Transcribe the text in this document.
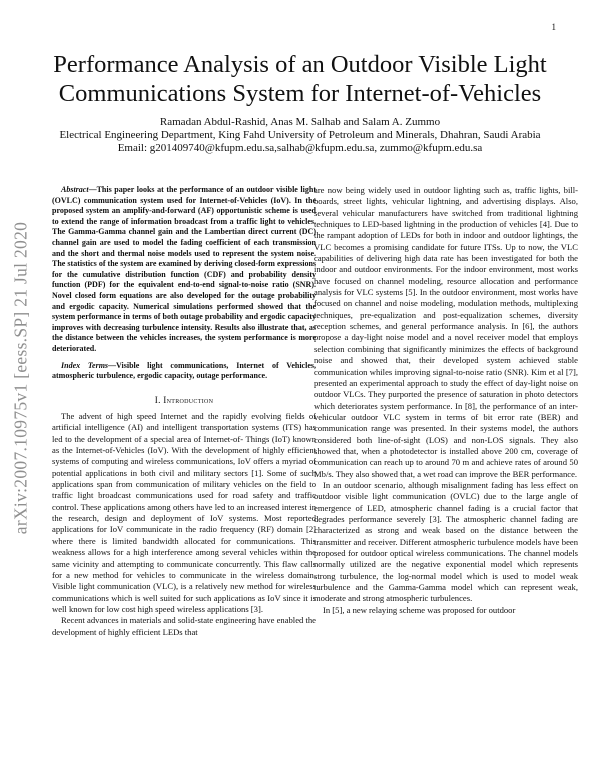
1
arXiv:2007.10975v1 [eess.SP] 21 Jul 2020
Performance Analysis of an Outdoor Visible Light
Communications System for Internet-of-Vehicles
Ramadan Abdul-Rashid, Anas M. Salhab and Salam A. Zummo
Electrical Engineering Department, King Fahd University of Petroleum and Minerals, Dhahran, Saudi Arabia
Email: g201409740@kfupm.edu.sa,salhab@kfupm.edu.sa, zummo@kfupm.edu.sa

Abstract—This paper looks at the performance of an outdoor visible light (OVLC) communication system used for Internet-of-Vehicles (IoV). In the proposed system an amplify-and-forward (AF) opportunistic scheme is used to extend the range of information broadcast from a traffic light to vehicles. The Gamma-Gamma channel gain and the Lambertian direct current (DC) channel gain are used to model the fading coefficient of each transmission and the short and thermal noise models used to represent the system noise. The statistics of the system are examined by deriving closed-form expressions for the cumulative distribution function (CDF) and probability density function (PDF) for the equivalent end-to-end signal-to-noise ratio (SNR). Novel closed form equations are also developed for the outage probability and ergodic capacity. Numerical simulations performed showed that the system performance in terms of both outage probability and ergodic capacity improves with decreasing turbulence intensity. Results also illustrate that, as the distance between the vehicles increases, the system performance is more deteriorated.

Index Terms—Visible light communications, Internet of Vehicles, atmospheric turbulence, ergodic capacity, outage performance.

I. Introduction

The advent of high speed Internet and the rapidly evolving fields of artificial intelligence (AI) and intelligent transportation systems (ITS) has led to the development of a special area of Internet-of- Things (IoT) known as the Internet-of-Vehicles (IoV). With the development of highly efficient systems of computing and wireless communications, IoV offers a myriad of potential applications in both civil and military sectors [1]. Some of such applications span from communication of military vehicles on the field to traffic light broadcast communications used for road safety and traffic control. These applications among others have led to an increased interest in the research, design and deployment of IoV systems. Most reported applications for IoV communicate in the radio frequency (RF) domain [2] where there is limited bandwidth allocated for communications. This weakness allows for a high interference among several vehicles within the same vicinity and attempting to communicate concurrently. This flaw calls for a new method for vehicles to communicate in the wireless domain. Visible light communication (VLC), is a relatively new method for wireless communications which is well suited for such applications as IoV since it is well known for low cost high speed wireless applications [3].

Recent advances in materials and solid-state engineering have enabled the development of highly efficient LEDs that

are now being widely used in outdoor lighting such as, traffic lights, bill-boards, street lights, vehicular lightning, and advertising displays. Also, several vehicular manufacturers have switched from traditional lightning techniques to LED-based lightning in the production of vehicles [4]. Due to the rampant adoption of LEDs for both in indoor and outdoor lightings, the VLC becomes a promising candidate for future ITSs. Up to now, the VLC capabilities of delivering high data rate has been investigated for both the indoor and outdoor environments. For the indoor environment, most works have focused on channel modeling, resource allocation and performance analysis for VLC systems [5]. In the outdoor environment, most works have focused on channel and noise modeling, modulation methods, multiplexing techniques, pre-equalization and post-equalization schemes, diversity reception schemes, and general performance analysis. In [6], the authors propose a day-light noise model and a novel receiver model that employs selection combining that significantly minimizes the effects of background noise and showed that, their developed system achieved stable communication whiles improving signal-to-noise ratio (SNR). Kim et al [7], presented an experimental approach to study the effect of day-light noise on outdoor VLCs. They purported the presence of saturation in photo detectors which deteriorates system performance. In [8], the performance of an inter-vehicular outdoor VLC system in terms of bit error rate (BER) and communication range was presented. In their systems model, the authors considered both line-of-sight (LOS) and non-LOS signals. They also showed that, when a photodetector is installed above 200 cm, coverage of communication can reach up to around 70 m and achieve rates of around 50 Mb/s. They also showed that, a wet road can improve the BER performance.

In an outdoor scenario, although misalignment fading has less effect on outdoor visible light communication (OVLC) due to the large angle of emergence of LED, atmospheric channel fading is a crucial factor that degrades performance severely [3]. The atmospheric channel fading are characterized as strong and weak based on the distance between the transmitter and receiver. Different atmospheric turbulence models have been proposed for outdoor optical wireless communications. The channel models normally utilized are the negative exponential model which represents strong turbulence, the log-normal model which is used to model weak turbulence and the Gamma-Gamma model which can represent weak, moderate and strong atmospheric turbulences.

In [5], a new relaying scheme was proposed for outdoor
